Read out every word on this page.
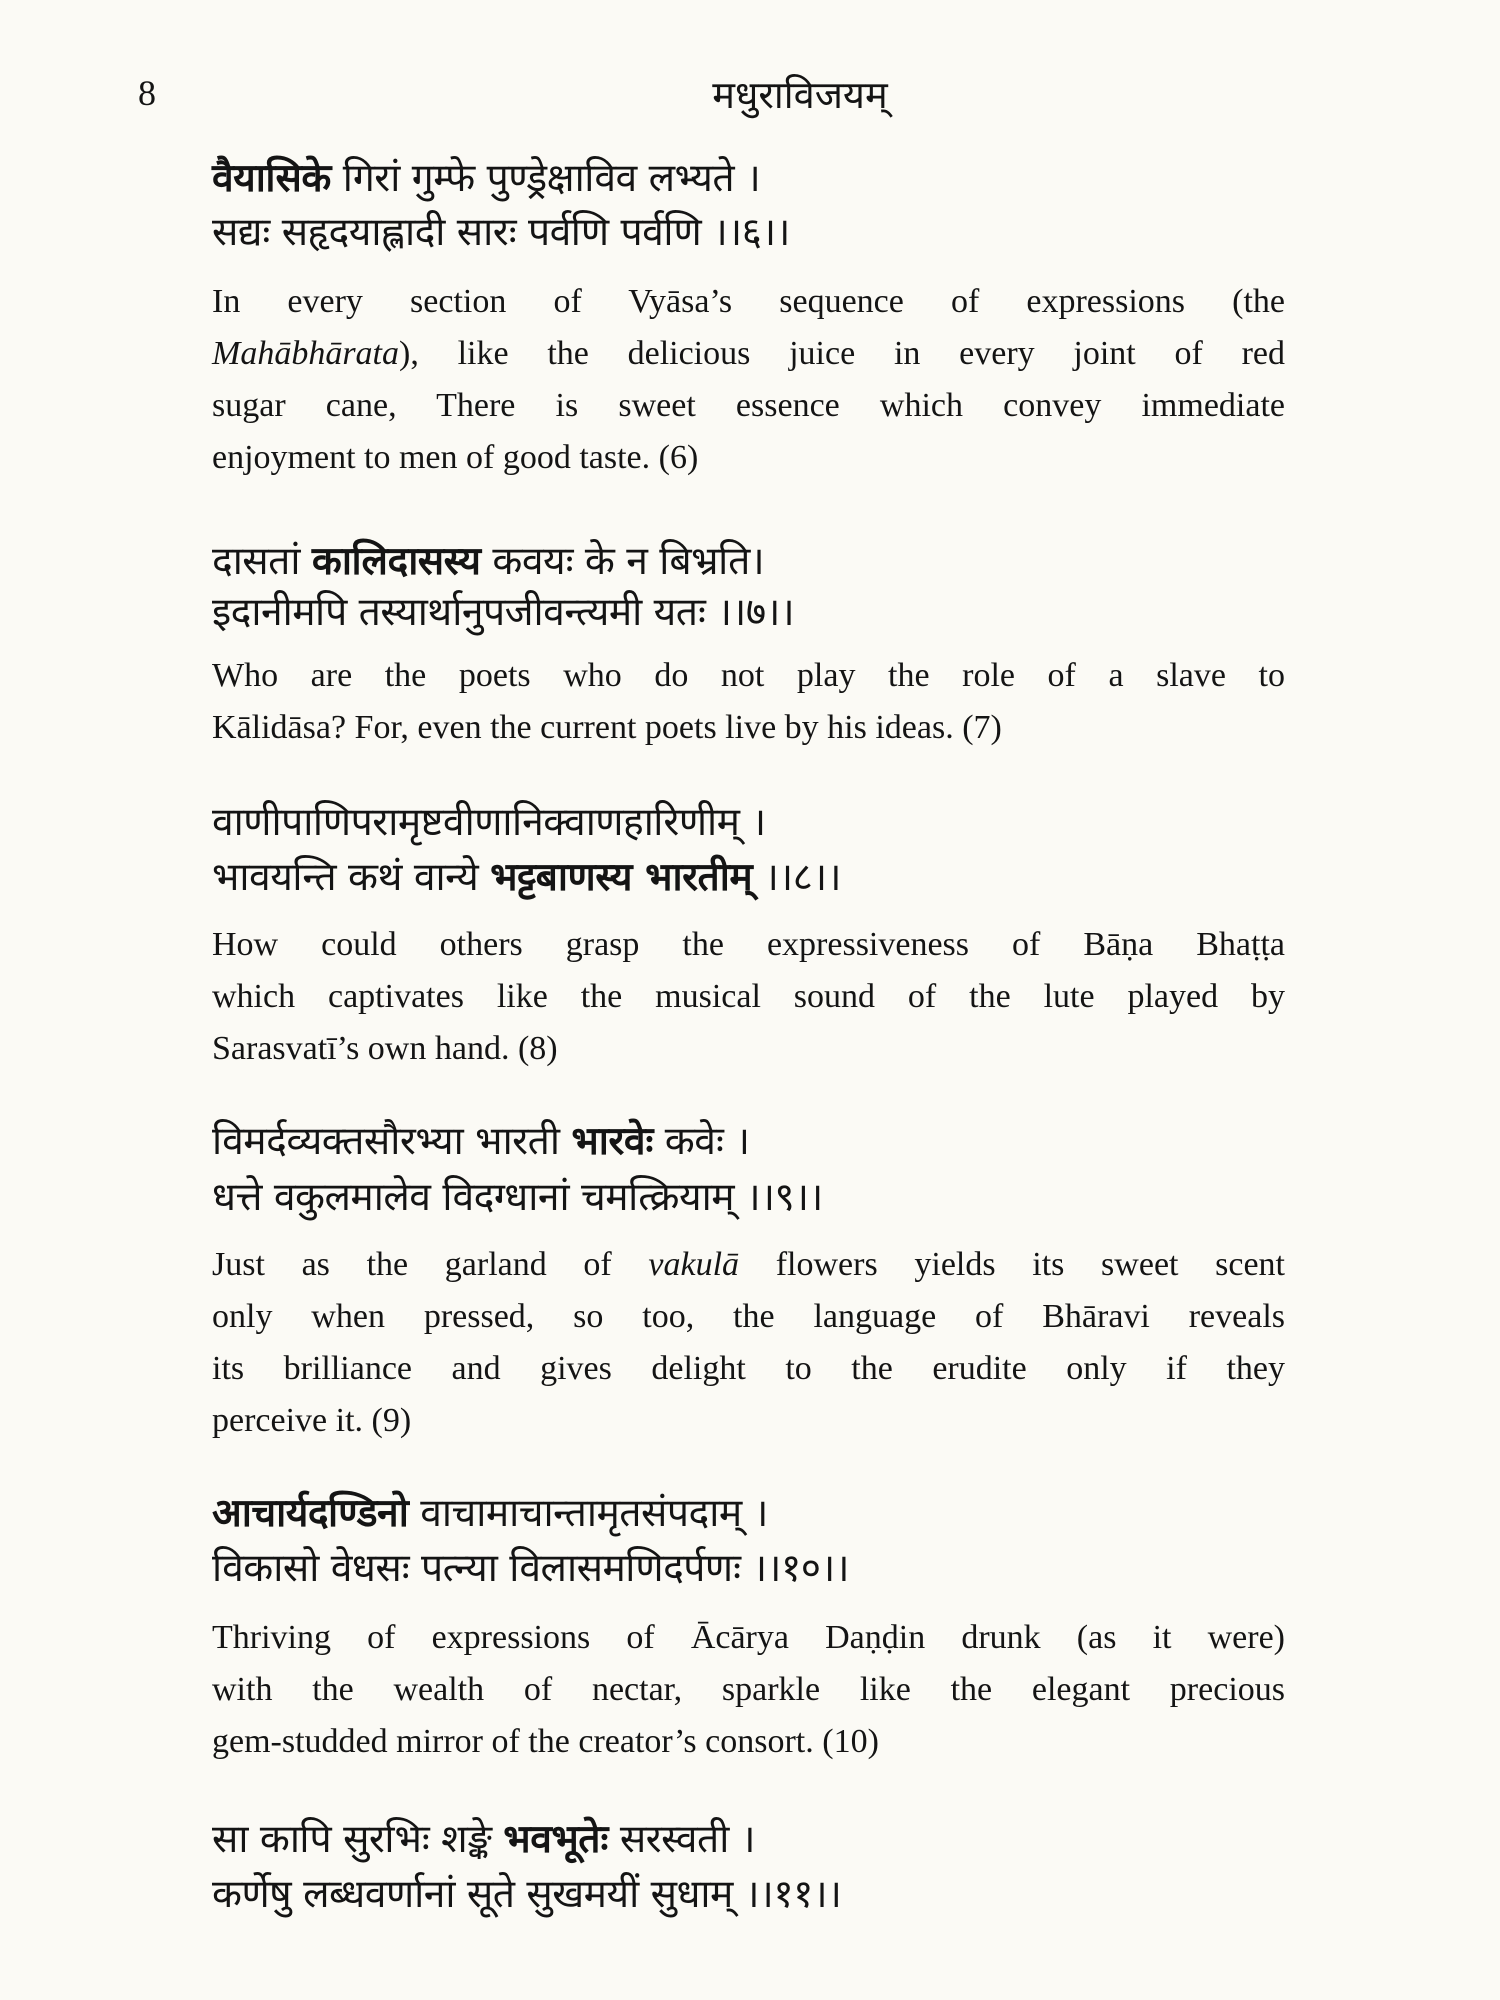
8	मधुराविजयम्
वैयासिके गिरां गुम्फे पुण्ड्रेक्षाविव लभ्यते ।
सद्यः सहृदयाह्लादी सारः पर्वणि पर्वणि ।।६।।
In every section of Vyāsa’s sequence of expressions (the
Mahābhārata), like the delicious juice in every joint of red
sugar cane, There is sweet essence which convey immediate
enjoyment to men of good taste. (6)
दासतां कालिदासस्य कवयः के न बिभ्रति।
इदानीमपि तस्यार्थानुपजीवन्त्यमी यतः ।।७।।
Who are the poets who do not play the role of a slave to
Kālidāsa? For, even the current poets live by his ideas. (7)
वाणीपाणिपरामृष्टवीणानिक्वाणहारिणीम् ।
भावयन्ति कथं वान्ये भट्टबाणस्य भारतीम् ।।८।।
How could others grasp the expressiveness of Bāṇa Bhaṭṭa
which captivates like the musical sound of the lute played by
Sarasvatī’s own hand. (8)
विमर्दव्यक्तसौरभ्या भारती भारवेः कवेः ।
धत्ते वकुलमालेव विदग्धानां चमत्क्रियाम् ।।९।।
Just as the garland of vakulā flowers yields its sweet scent
only when pressed, so too, the language of Bhāravi reveals
its brilliance and gives delight to the erudite only if they
perceive it. (9)
आचार्यदण्डिनो वाचामाचान्तामृतसंपदाम् ।
विकासो वेधसः पत्न्या विलासमणिदर्पणः ।।१०।।
Thriving of expressions of Ācārya Daṇḍin drunk (as it were)
with the wealth of nectar, sparkle like the elegant precious
gem-studded mirror of the creator’s consort. (10)
सा कापि सुरभिः शङ्के भवभूतेः सरस्वती ।
कर्णेषु लब्धवर्णानां सूते सुखमयीं सुधाम् ।।११।।
